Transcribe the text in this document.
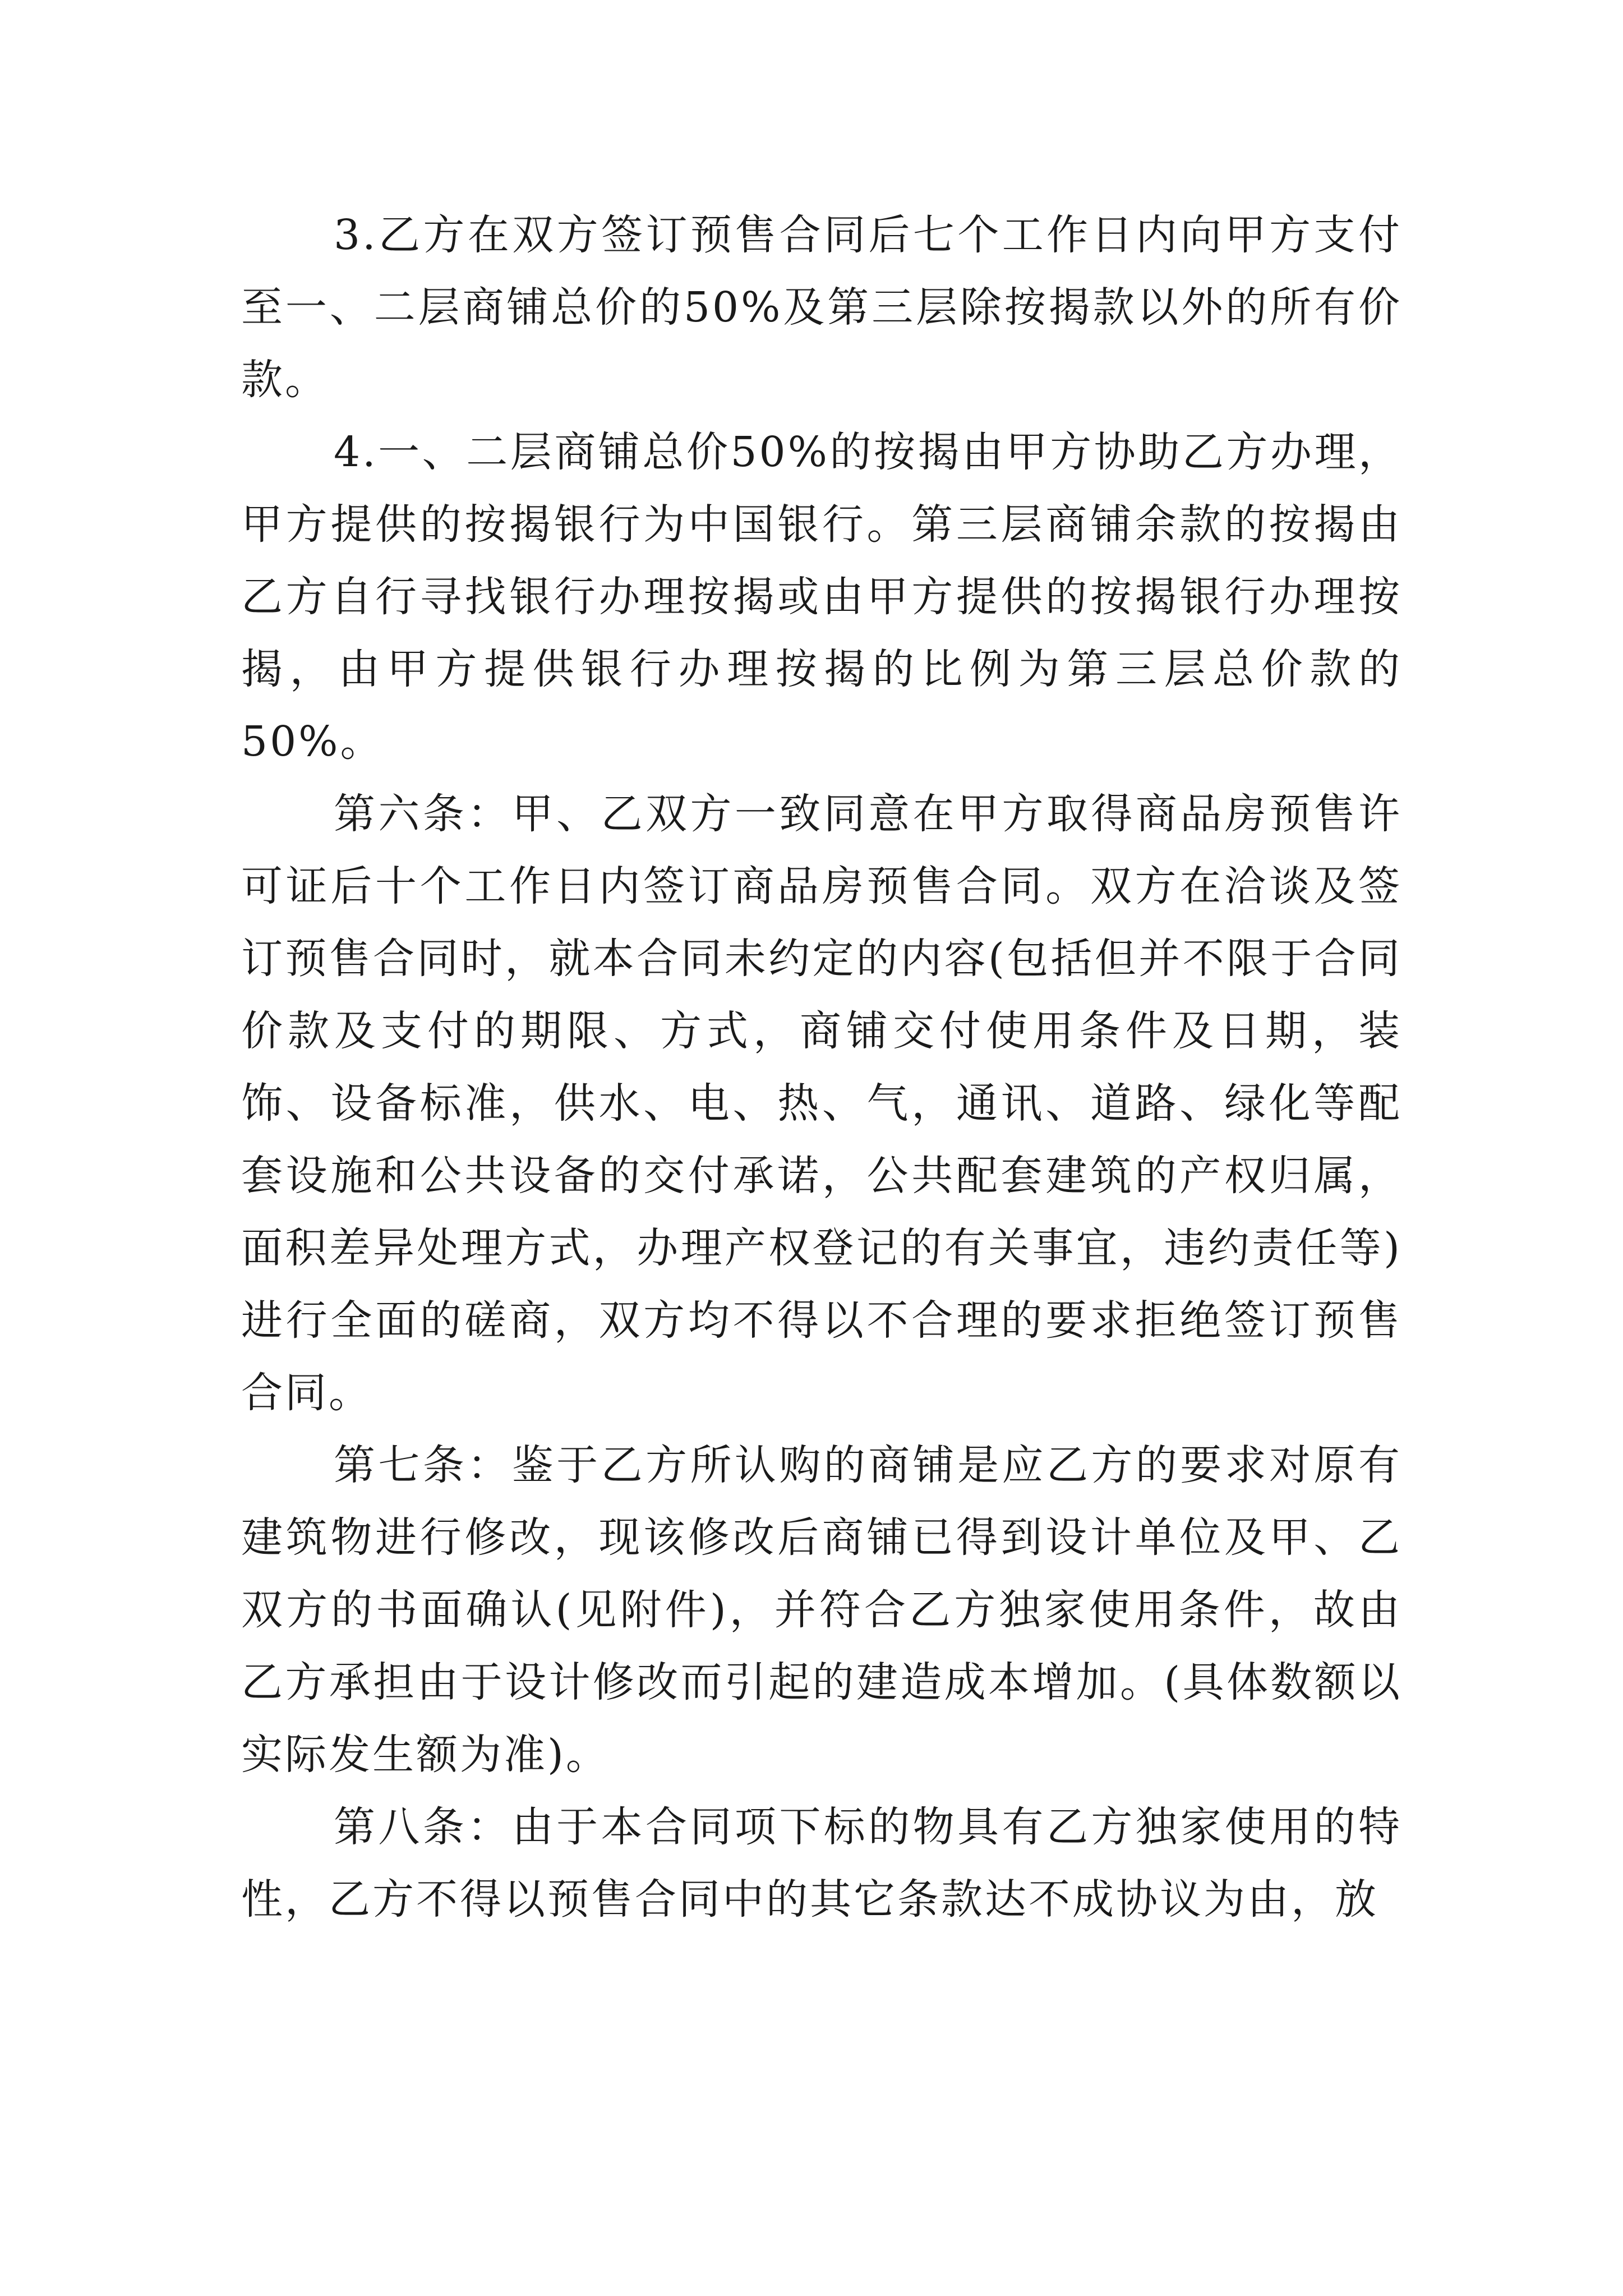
3.乙方在双方签订预售合同后七个工作日内向甲方支付至一、二层商铺总价的50%及第三层除按揭款以外的所有价款。

4.一、二层商铺总价50%的按揭由甲方协助乙方办理，甲方提供的按揭银行为中国银行。第三层商铺余款的按揭由乙方自行寻找银行办理按揭或由甲方提供的按揭银行办理按揭，由甲方提供银行办理按揭的比例为第三层总价款的50%。

第六条：甲、乙双方一致同意在甲方取得商品房预售许可证后十个工作日内签订商品房预售合同。双方在洽谈及签订预售合同时，就本合同未约定的内容(包括但并不限于合同价款及支付的期限、方式，商铺交付使用条件及日期，装饰、设备标准，供水、电、热、气，通讯、道路、绿化等配套设施和公共设备的交付承诺，公共配套建筑的产权归属，面积差异处理方式，办理产权登记的有关事宜，违约责任等)进行全面的磋商，双方均不得以不合理的要求拒绝签订预售合同。

第七条：鉴于乙方所认购的商铺是应乙方的要求对原有建筑物进行修改，现该修改后商铺已得到设计单位及甲、乙双方的书面确认(见附件)，并符合乙方独家使用条件，故由乙方承担由于设计修改而引起的建造成本增加。(具体数额以实际发生额为准)。

第八条：由于本合同项下标的物具有乙方独家使用的特性，乙方不得以预售合同中的其它条款达不成协议为由，放
